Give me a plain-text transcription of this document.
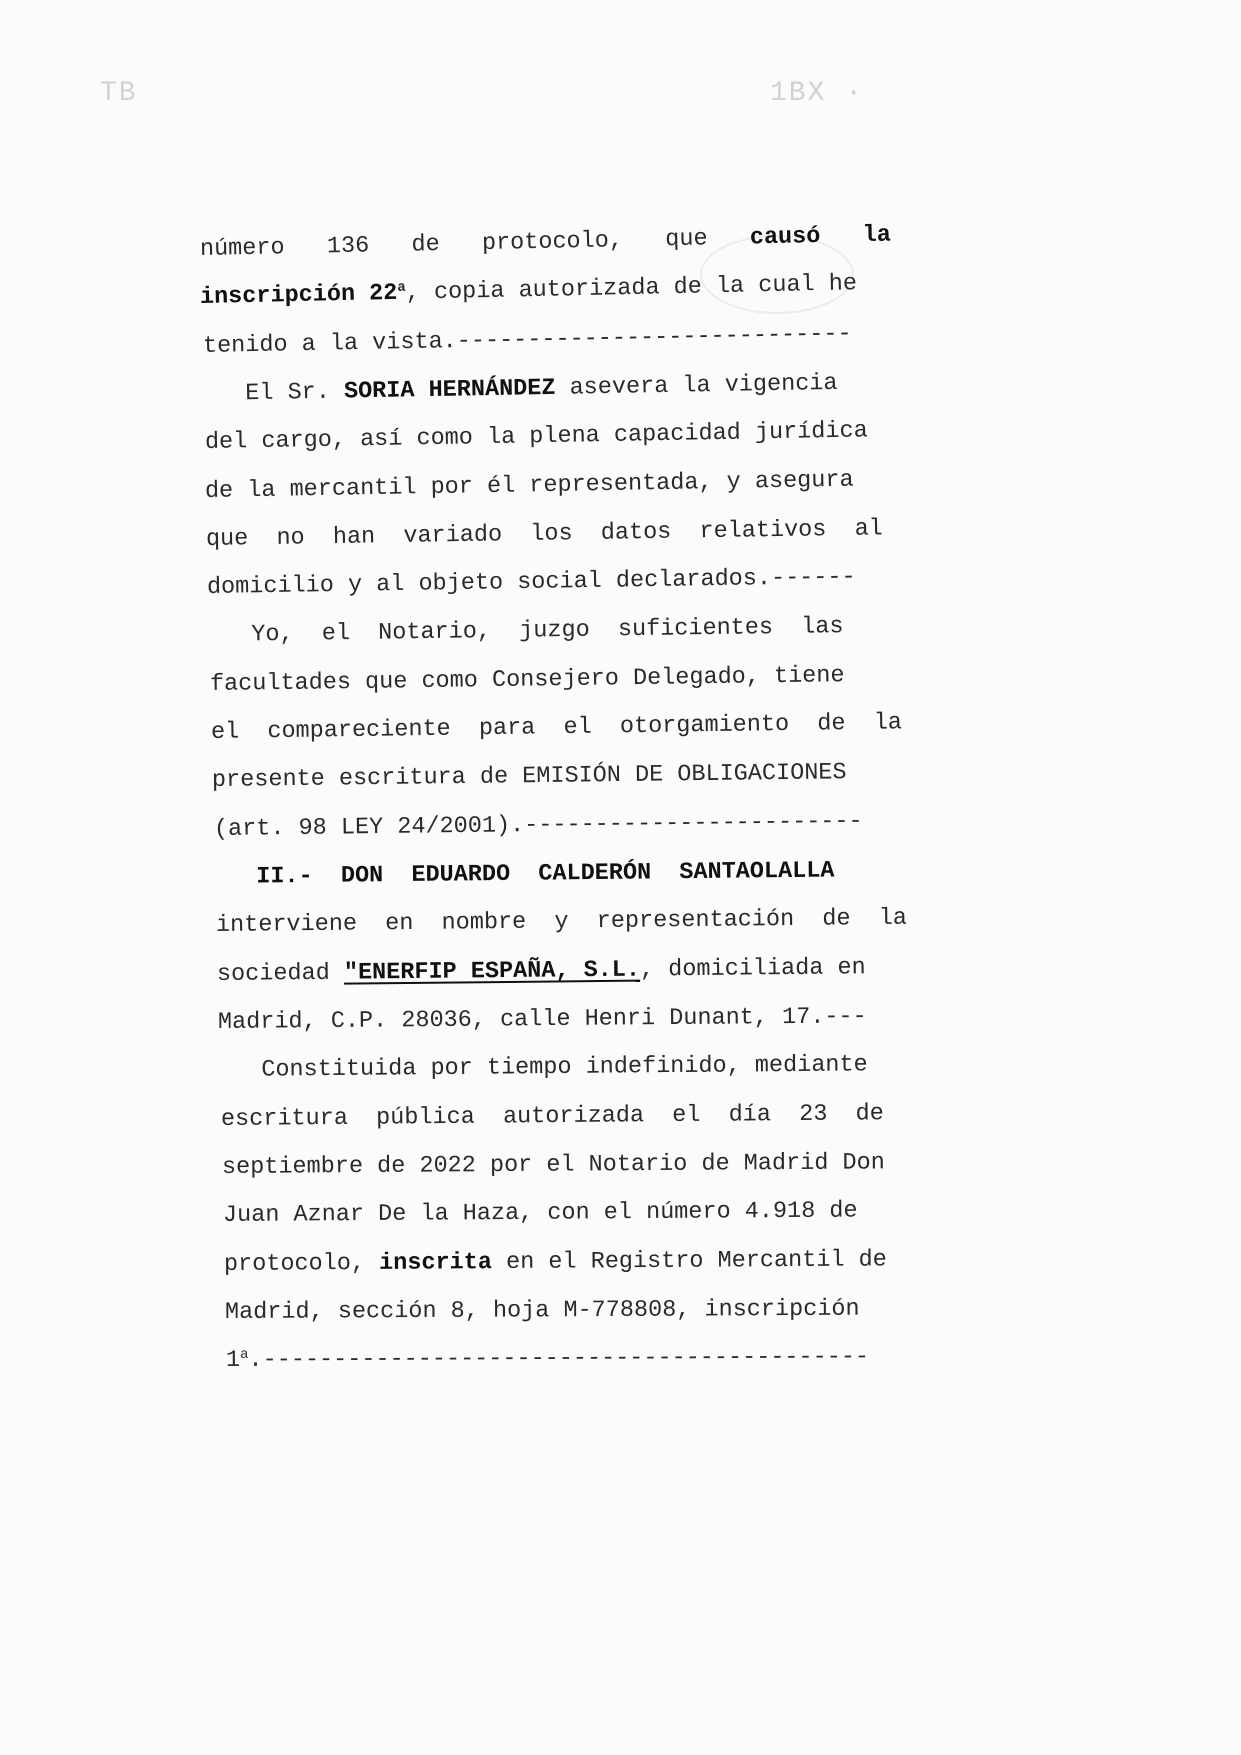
TB	1BX ·
número   136   de   protocolo,   que   causó   la
inscripción 22$^a$, copia autorizada de la cual he
tenido a la vista.----------------------------
El Sr. SORIA HERNÁNDEZ asevera la vigencia
del cargo, así como la plena capacidad jurídica
de la mercantil por él representada, y asegura
que  no  han  variado  los  datos  relativos  al
domicilio y al objeto social declarados.------
Yo,  el  Notario,  juzgo  suficientes  las
facultades que como Consejero Delegado, tiene
el  compareciente  para  el  otorgamiento  de  la
presente escritura de EMISIÓN DE OBLIGACIONES
(art. 98 LEY 24/2001).------------------------
II.-  DON  EDUARDO  CALDERÓN  SANTAOLALLA
interviene  en  nombre  y  representación  de  la
sociedad "ENERFIP ESPAÑA, S.L., domiciliada en
Madrid, C.P. 28036, calle Henri Dunant, 17.---
Constituida por tiempo indefinido, mediante
escritura  pública  autorizada  el  día  23  de
septiembre de 2022 por el Notario de Madrid Don
Juan Aznar De la Haza, con el número 4.918 de
protocolo, inscrita en el Registro Mercantil de
Madrid, sección 8, hoja M-778808, inscripción
1$^a$.-------------------------------------------
